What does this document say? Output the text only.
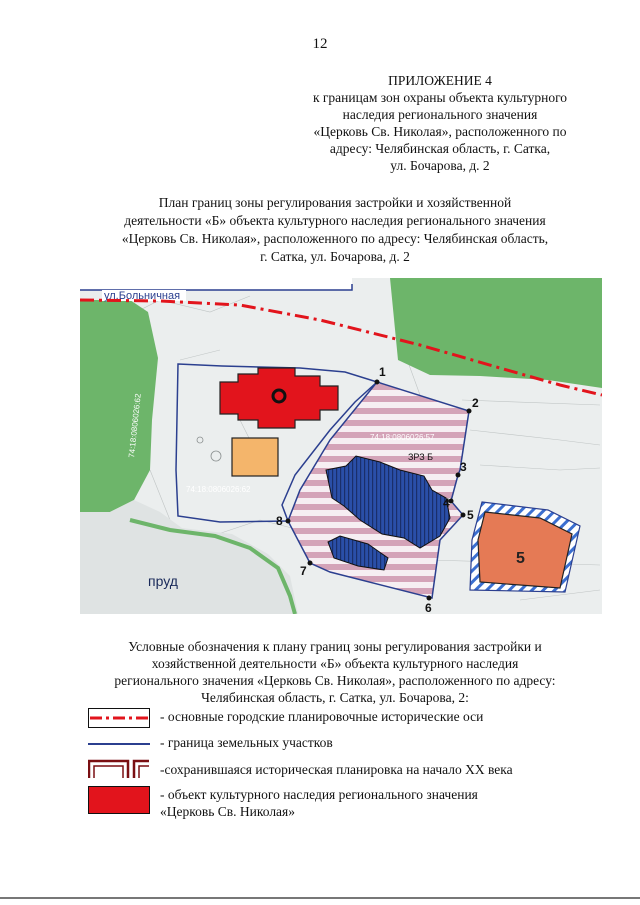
12
ПРИЛОЖЕНИЕ 4
к границам зон охраны объекта культурного
наследия регионального значения
«Церковь Св. Николая», расположенного по
адресу: Челябинская область, г. Сатка,
ул. Бочарова, д. 2
План границ зоны регулирования застройки и хозяйственной
деятельности «Б» объекта культурного наследия регионального значения
«Церковь Св. Николая», расположенного по адресу: Челябинская область,
г. Сатка, ул. Бочарова, д. 2
ул.Больничная
5
74:18:0806026:62
74:18:0806026:62
74:18:0806026:57
ЗРЗ Б
пруд
1
2
3
4
5
6
7
8
Условные обозначения к плану границ зоны регулирования застройки и
хозяйственной деятельности «Б» объекта культурного наследия
регионального значения «Церковь Св. Николая», расположенного по адресу:
Челябинская область, г. Сатка, ул. Бочарова, 2:
- основные городские планировочные исторические оси
- граница земельных участков
-сохранившаяся историческая планировка на начало XX века
- объект культурного наследия регионального значения
«Церковь Св. Николая»
